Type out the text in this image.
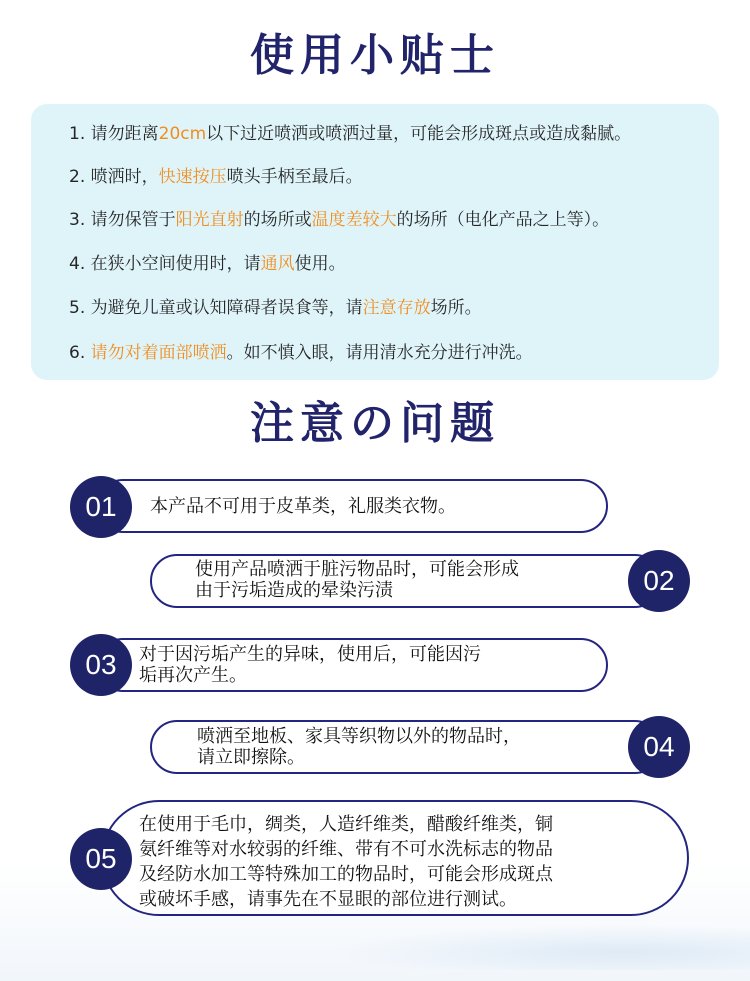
使用小贴士
1. 请勿距离20cm以下过近喷洒或喷洒过量，可能会形成斑点或造成黏腻。
2. 喷洒时，快速按压喷头手柄至最后。
3. 请勿保管于阳光直射的场所或温度差较大的场所（电化产品之上等）。
4. 在狭小空间使用时，请通风使用。
5. 为避免儿童或认知障碍者误食等，请注意存放场所。
6. 请勿对着面部喷洒。如不慎入眼，请用清水充分进行冲洗。
注意の问题
01	本产品不可用于皮革类，礼服类衣物。
02
使用产品喷洒于脏污物品时，可能会形成
由于污垢造成的晕染污渍
03	对于因污垢产生的异味，使用后，可能因污
垢再次产生。
04
喷洒至地板、家具等织物以外的物品时，
请立即擦除。
05
在使用于毛巾，绸类，人造纤维类，醋酸纤维类，铜
氨纤维等对水较弱的纤维、带有不可水洗标志的物品
及经防水加工等特殊加工的物品时，可能会形成斑点
或破坏手感，请事先在不显眼的部位进行测试。
